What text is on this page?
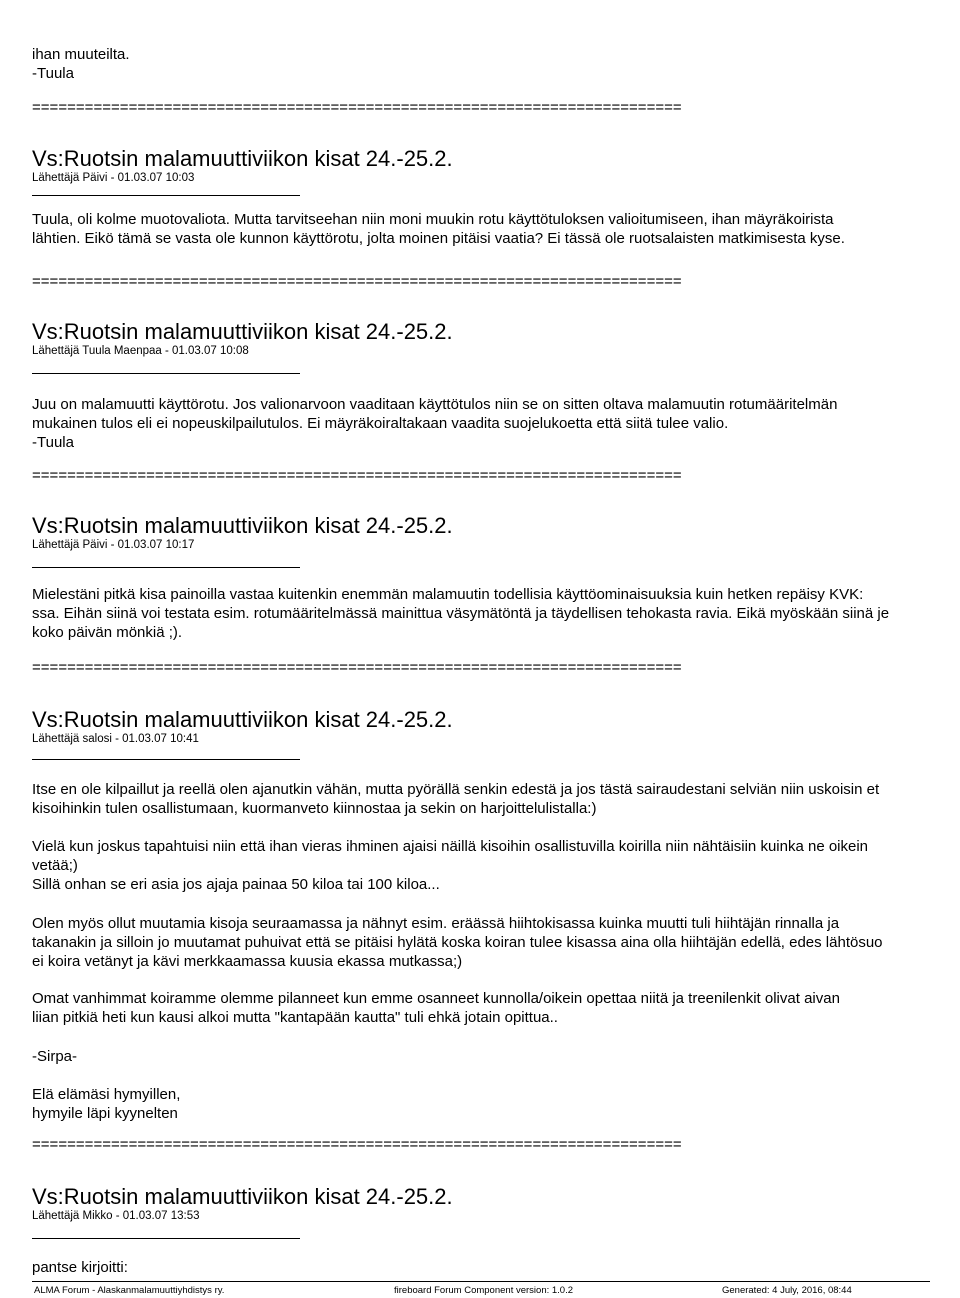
ihan muuteilta.
-Tuula
==========================================================================
Vs:Ruotsin malamuuttiviikon kisat 24.-25.2.
Lähettäjä Päivi - 01.03.07 10:03
Tuula, oli kolme muotovaliota. Mutta tarvitseehan niin moni muukin rotu käyttötuloksen valioitumiseen, ihan mäyräkoirista
lähtien. Eikö tämä se vasta ole kunnon käyttörotu, jolta moinen pitäisi vaatia? Ei tässä ole ruotsalaisten matkimisesta kyse.
==========================================================================
Vs:Ruotsin malamuuttiviikon kisat 24.-25.2.
Lähettäjä Tuula Maenpaa - 01.03.07 10:08
Juu on malamuutti käyttörotu. Jos valionarvoon vaaditaan käyttötulos niin se on sitten oltava malamuutin rotumääritelmän
mukainen tulos eli ei nopeuskilpailutulos. Ei mäyräkoiraltakaan vaadita suojelukoetta että siitä tulee valio.
-Tuula
==========================================================================
Vs:Ruotsin malamuuttiviikon kisat 24.-25.2.
Lähettäjä Päivi - 01.03.07 10:17
Mielestäni pitkä kisa painoilla vastaa kuitenkin enemmän malamuutin todellisia käyttöominaisuuksia kuin hetken repäisy KVK:
ssa. Eihän siinä voi testata esim. rotumääritelmässä mainittua väsymätöntä ja täydellisen tehokasta ravia. Eikä myöskään siinä je
koko päivän mönkiä ;).
==========================================================================
Vs:Ruotsin malamuuttiviikon kisat 24.-25.2.
Lähettäjä salosi - 01.03.07 10:41
Itse en ole kilpaillut ja reellä olen ajanutkin vähän, mutta pyörällä senkin edestä ja jos tästä sairaudestani selviän niin uskoisin et
kisoihinkin tulen osallistumaan, kuormanveto kiinnostaa ja sekin on harjoittelulistalla:)
Vielä kun joskus tapahtuisi niin että ihan vieras ihminen ajaisi näillä kisoihin osallistuvilla koirilla niin nähtäisiin kuinka ne oikein
vetää;)
Sillä onhan se eri asia jos ajaja painaa 50 kiloa tai 100 kiloa...
Olen myös ollut muutamia kisoja seuraamassa ja nähnyt esim. eräässä hiihtokisassa kuinka muutti tuli hiihtäjän rinnalla ja
takanakin ja silloin jo muutamat puhuivat että se pitäisi hylätä koska koiran tulee kisassa aina olla hiihtäjän edellä, edes lähtösuo
ei koira vetänyt ja kävi merkkaamassa kuusia ekassa mutkassa;)
Omat vanhimmat koiramme olemme pilanneet kun emme osanneet kunnolla/oikein opettaa niitä ja treenilenkit olivat aivan
liian pitkiä heti kun kausi alkoi mutta "kantapään kautta" tuli ehkä jotain opittua..
-Sirpa-
Elä elämäsi hymyillen,
hymyile läpi kyynelten
==========================================================================
Vs:Ruotsin malamuuttiviikon kisat 24.-25.2.
Lähettäjä Mikko - 01.03.07 13:53
pantse kirjoitti:
ALMA Forum - Alaskanmalamuuttiyhdistys ry.	fireboard Forum Component version: 1.0.2	Generated: 4 July, 2016, 08:44
